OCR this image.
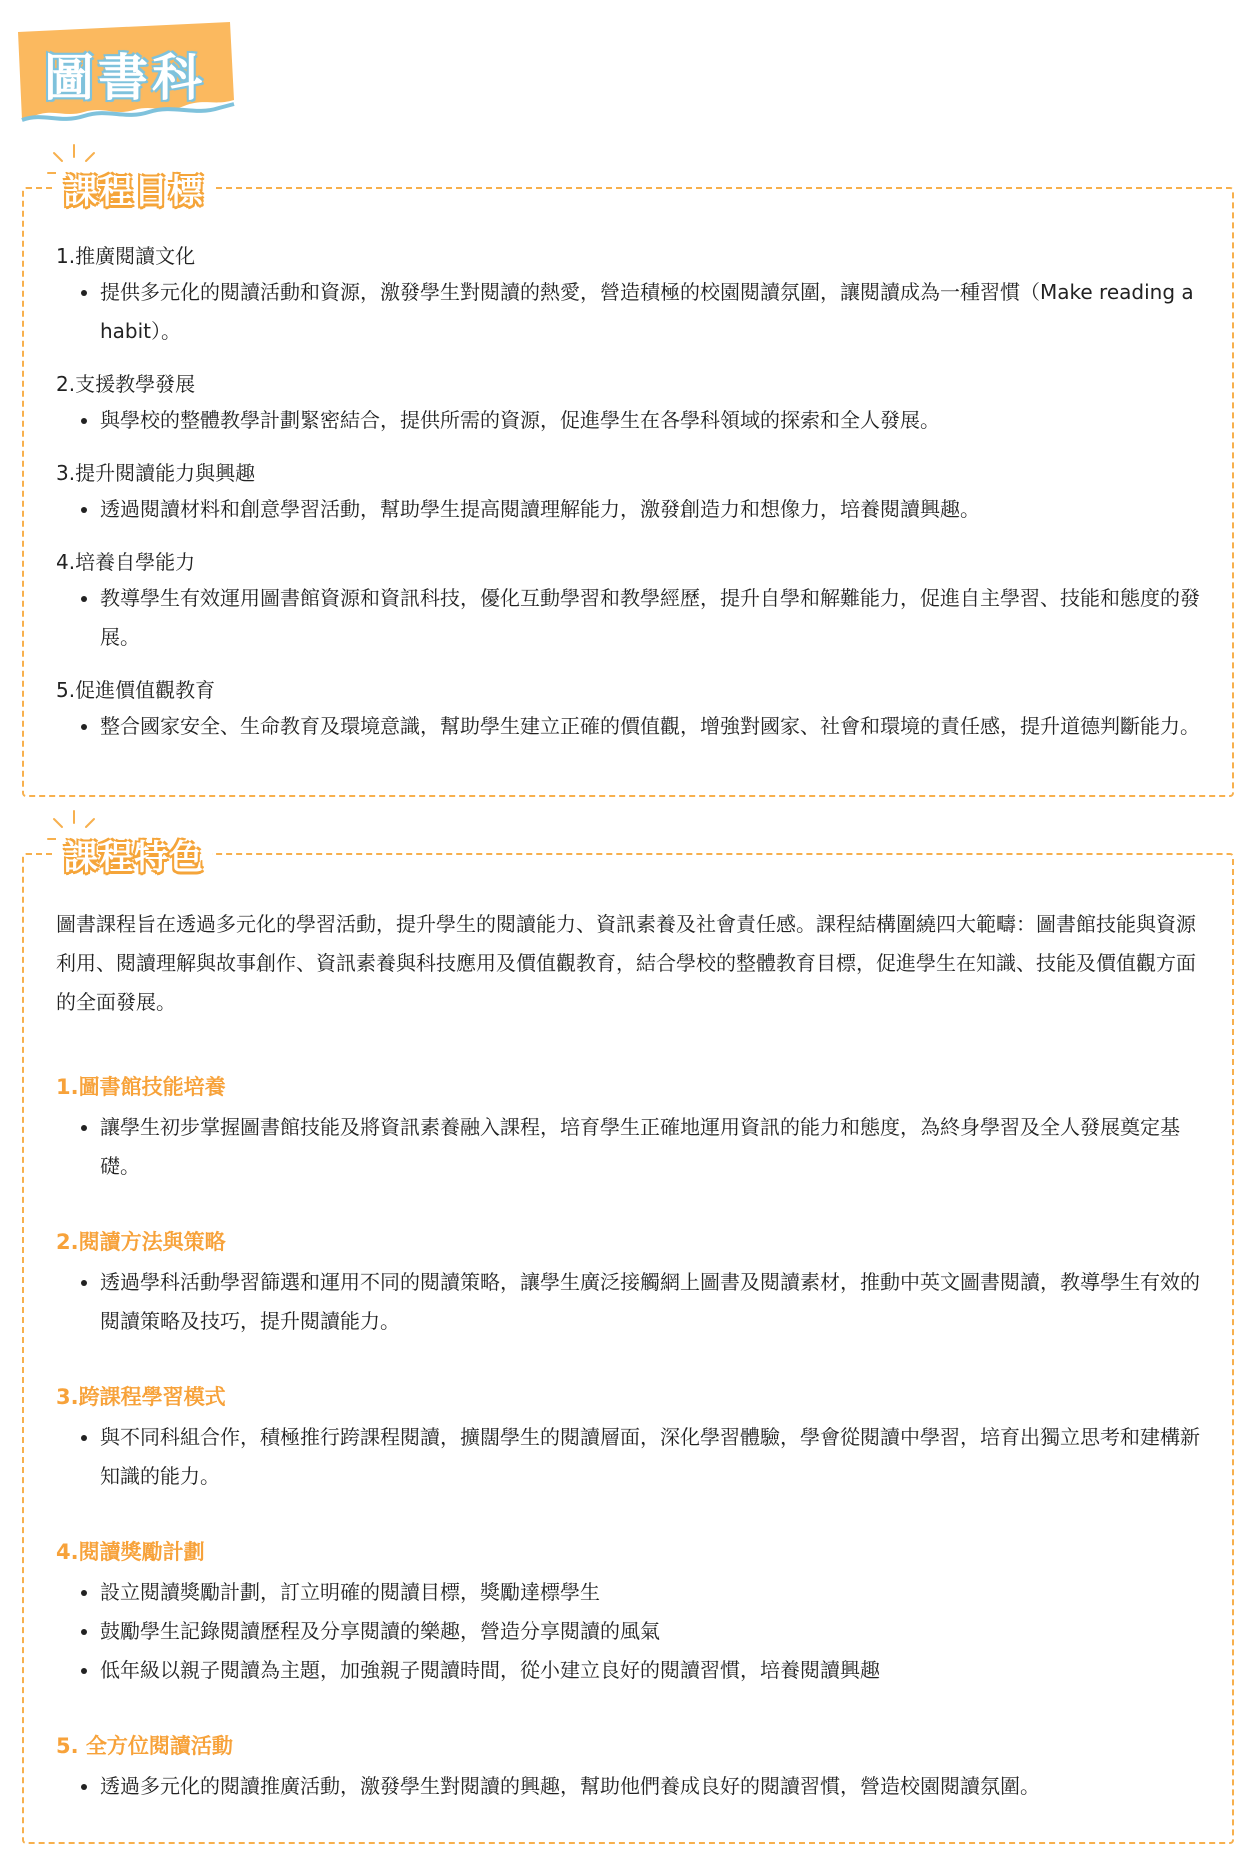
圖書科
課程目標

1.推廣閱讀文化

• 提供多元化的閱讀活動和資源，激發學生對閱讀的熱愛，營造積極的校園閱讀氛圍，讓閱讀成為一種習慣（Make reading a habit）。

2.支援教學發展

• 與學校的整體教學計劃緊密結合，提供所需的資源，促進學生在各學科領域的探索和全人發展。

3.提升閱讀能力與興趣

• 透過閱讀材料和創意學習活動，幫助學生提高閱讀理解能力，激發創造力和想像力，培養閱讀興趣。

4.培養自學能力

• 教導學生有效運用圖書館資源和資訊科技，優化互動學習和教學經歷，提升自學和解難能力，促進自主學習、技能和態度的發展。

5.促進價值觀教育

• 整合國家安全、生命教育及環境意識，幫助學生建立正確的價值觀，增強對國家、社會和環境的責任感，提升道德判斷能力。
課程特色

圖書課程旨在透過多元化的學習活動，提升學生的閱讀能力、資訊素養及社會責任感。課程結構圍繞四大範疇：圖書館技能與資源利用、閱讀理解與故事創作、資訊素養與科技應用及價值觀教育，結合學校的整體教育目標，促進學生在知識、技能及價值觀方面的全面發展。

1.圖書館技能培養

• 讓學生初步掌握圖書館技能及將資訊素養融入課程，培育學生正確地運用資訊的能力和態度，為終身學習及全人發展奠定基礎。

2.閱讀方法與策略

• 透過學科活動學習篩選和運用不同的閱讀策略，讓學生廣泛接觸網上圖書及閱讀素材，推動中英文圖書閱讀，教導學生有效的閱讀策略及技巧，提升閱讀能力。

3.跨課程學習模式

• 與不同科組合作，積極推行跨課程閱讀，擴闊學生的閱讀層面，深化學習體驗，學會從閱讀中學習，培育出獨立思考和建構新知識的能力。

4.閱讀獎勵計劃

• 設立閱讀獎勵計劃，訂立明確的閱讀目標，獎勵達標學生
• 鼓勵學生記錄閱讀歷程及分享閱讀的樂趣，營造分享閱讀的風氣
• 低年級以親子閱讀為主題，加強親子閱讀時間，從小建立良好的閱讀習慣，培養閱讀興趣

5. 全方位閱讀活動

• 透過多元化的閱讀推廣活動，激發學生對閱讀的興趣，幫助他們養成良好的閱讀習慣，營造校園閱讀氛圍。
